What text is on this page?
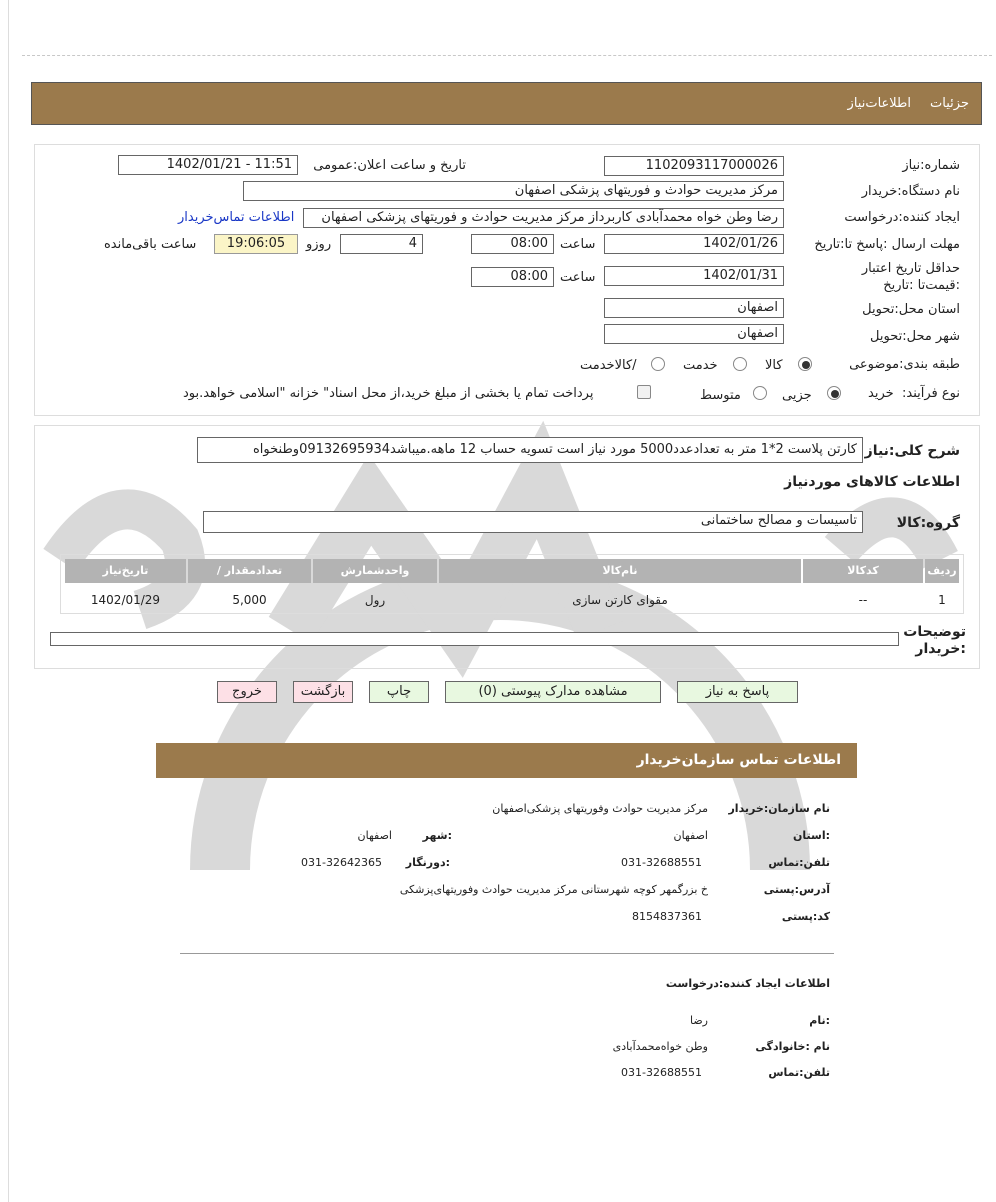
جزئیات
اطلاعات‌نیاز
شماره:نیاز
1102093117000026
تاریخ و ساعت اعلان:عمومی
1402/01/21 - 11:51
نام دستگاه:خریدار
مرکز مدیریت حوادث و فوریتهای پزشکی اصفهان
ایجاد کننده:درخواست
رضا وطن خواه محمدآبادی کاربرداز مرکز مدیریت حوادث و فوریتهای پزشکی اصفهان
اطلاعات تماس‌خریدار
مهلت ارسال :پاسخ تا:تاریخ
1402/01/26
ساعت
08:00
4
روزو
19:06:05
ساعت باقی‌مانده
حداقل تاریخ اعتبار :قیمت‌تا :تاریخ
1402/01/31
ساعت
08:00
استان محل:تحویل
اصفهان
شهر محل:تحویل
اصفهان
طبقه بندی:موضوعی
کالا
خدمت
/کالاخدمت
نوع فرآیند:
خرید
جزیی
متوسط
پرداخت تمام یا بخشی از مبلغ خرید،از محل اسناد" خزانه "اسلامی خواهد.بود
شرح کلی:نیاز
کارتن پلاست 2*1 متر به تعدادعدد5000 مورد نیاز است تسویه حساب 12 ماهه.میباشد09132695934وطنخواه
اطلاعات کالاهای موردنیاز
گروه:کالا
تاسیسات و مصالح ساختمانی
ردیف
کدکالا
نام‌کالا
واحدشمارش
/ تعدادمقدار
تاریخ‌نیاز
1
--
مقوای کارتن سازی
رول
5,000
1402/01/29
توضیحات :خریدار
پاسخ به نیاز
مشاهده مدارک پیوستی (0)
چاپ
بازگشت
خروج
اطلاعات تماس سازمان‌خریدار
نام سازمان:خریدار
مرکز مدیریت حوادث وفوریتهای پزشکی‌اصفهان
:استان
اصفهان
:شهر
اصفهان
تلفن:تماس
031-32688551
:دورنگار
031-32642365
آدرس:پستی
خ بزرگمهر کوچه شهرستانی مرکز مدیریت حوادث وفوریتهای‌پزشکی
کد:پستی
8154837361
اطلاعات ایجاد کننده:درخواست
:نام
رضا
نام :خانوادگی
وطن خواه‌محمدآبادی
تلفن:تماس
031-32688551
